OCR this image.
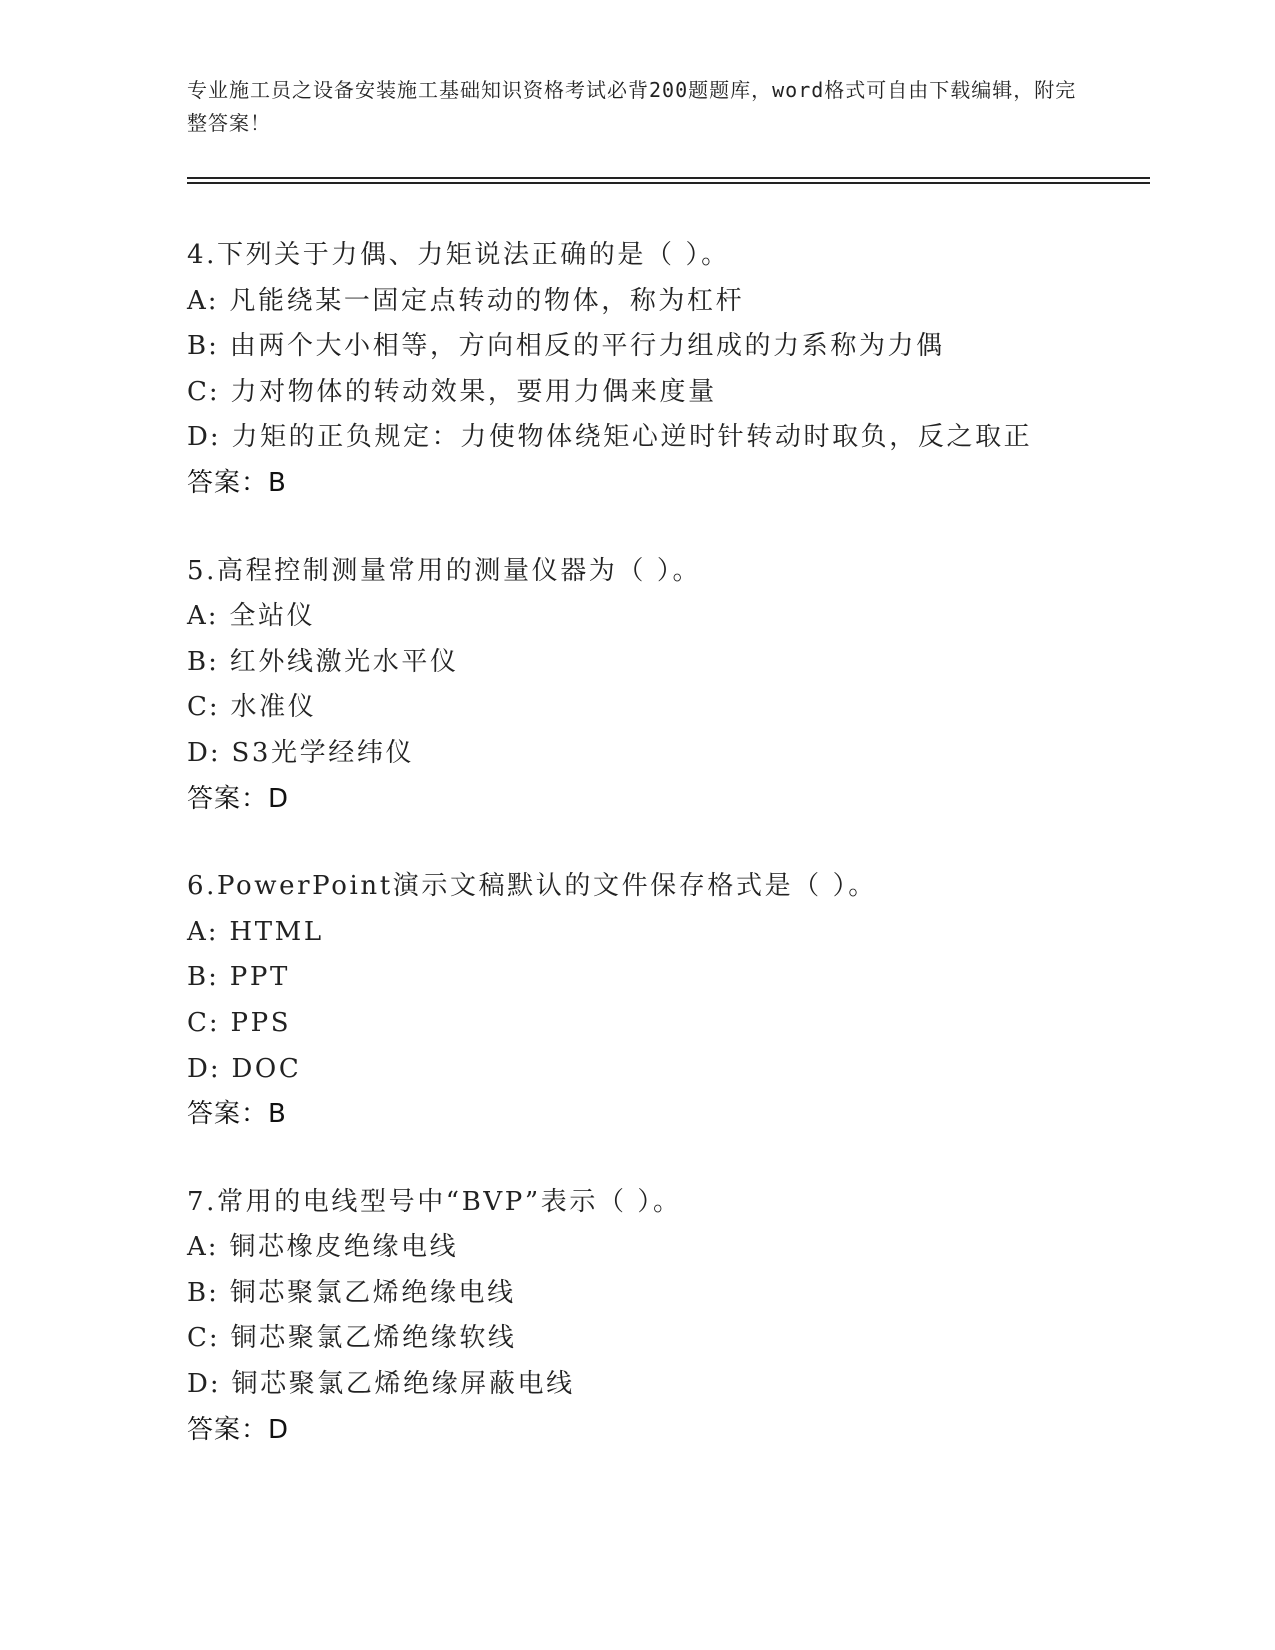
专业施工员之设备安装施工基础知识资格考试必背200题题库，word格式可自由下载编辑，附完整答案！
4.下列关于力偶、力矩说法正确的是（ ）。
A: 凡能绕某一固定点转动的物体，称为杠杆
B: 由两个大小相等，方向相反的平行力组成的力系称为力偶
C: 力对物体的转动效果，要用力偶来度量
D: 力矩的正负规定：力使物体绕矩心逆时针转动时取负，反之取正
答案：B
5.高程控制测量常用的测量仪器为（ ）。
A: 全站仪
B: 红外线激光水平仪
C: 水准仪
D: S3光学经纬仪
答案：D
6.PowerPoint演示文稿默认的文件保存格式是（ ）。
A: HTML
B: PPT
C: PPS
D: DOC
答案：B
7.常用的电线型号中“BVP”表示（ ）。
A: 铜芯橡皮绝缘电线
B: 铜芯聚氯乙烯绝缘电线
C: 铜芯聚氯乙烯绝缘软线
D: 铜芯聚氯乙烯绝缘屏蔽电线
答案：D
